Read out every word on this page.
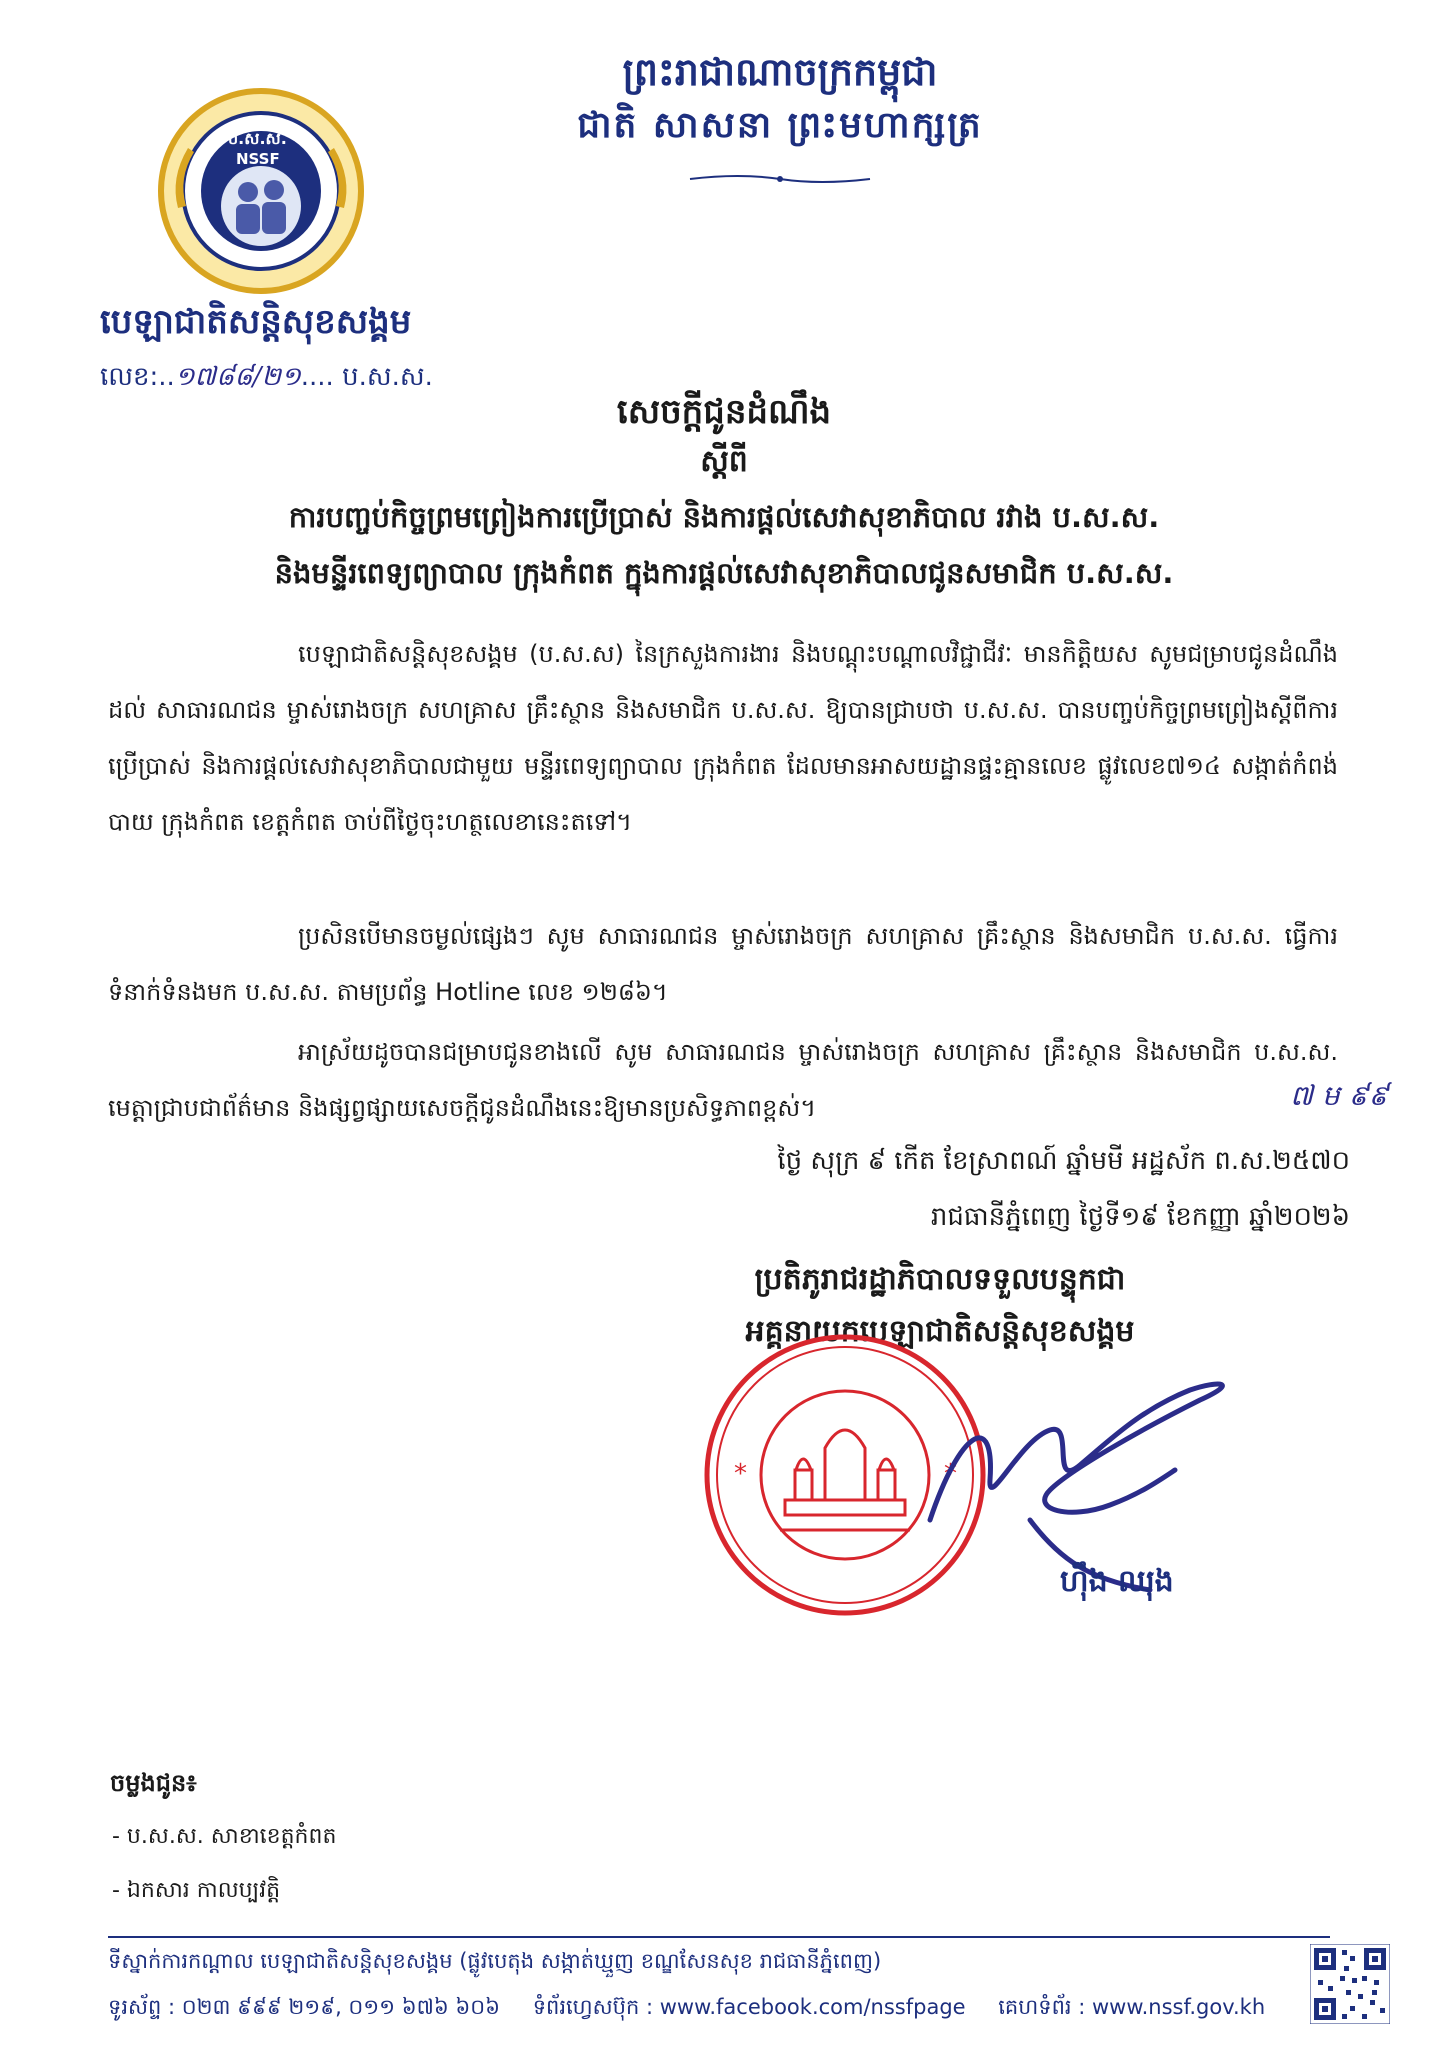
ព្រះរាជាណាចក្រកម្ពុជា
ជាតិ សាសនា ព្រះមហាក្សត្រ
ប.ស.ស.
NSSF
បេឡាជាតិសន្តិសុខសង្គម
លេខ:..១៧៨៨/២១.... ប.ស.ស.
សេចក្តីជូនដំណឹង
ស្តីពី
ការបញ្ចប់កិច្ចព្រមព្រៀងការប្រើប្រាស់ និងការផ្តល់សេវាសុខាភិបាល រវាង ប.ស.ស.
និងមន្ទីរពេទ្យព្យាបាល ក្រុងកំពត ក្នុងការផ្តល់សេវាសុខាភិបាលជូនសមាជិក ប.ស.ស.
បេឡាជាតិសន្តិសុខសង្គម (ប.ស.ស) នៃក្រសួងការងារ និងបណ្តុះបណ្តាលវិជ្ជាជីវៈ មានកិត្តិយស សូមជម្រាបជូនដំណឹងដល់ សាធារណជន ម្ចាស់រោងចក្រ សហគ្រាស គ្រឹះស្ថាន និងសមាជិក ប.ស.ស. ឱ្យបានជ្រាបថា ប.ស.ស. បានបញ្ចប់កិច្ចព្រមព្រៀងស្តីពីការប្រើប្រាស់ និងការផ្តល់សេវាសុខាភិបាលជាមួយ មន្ទីរពេទ្យព្យាបាល ក្រុងកំពត ដែលមានអាសយដ្ឋានផ្ទះគ្មានលេខ ផ្លូវលេខ៧១៤ សង្កាត់កំពង់បាយ ក្រុងកំពត ខេត្តកំពត ចាប់ពីថ្ងៃចុះហត្ថលេខានេះតទៅ។
ប្រសិនបើមានចម្ងល់ផ្សេងៗ សូម សាធារណជន ម្ចាស់រោងចក្រ សហគ្រាស គ្រឹះស្ថាន និងសមាជិក ប.ស.ស. ធ្វើការទំនាក់ទំនងមក ប.ស.ស. តាមប្រព័ន្ធ Hotline លេខ ១២៨៦។
អាស្រ័យដូចបានជម្រាបជូនខាងលើ សូម សាធារណជន ម្ចាស់រោងចក្រ សហគ្រាស គ្រឹះស្ថាន និងសមាជិក ប.ស.ស. មេត្តាជ្រាបជាព័ត៌មាន និងផ្សព្វផ្សាយសេចក្តីជូនដំណឹងនេះឱ្យមានប្រសិទ្ធភាពខ្ពស់។	៧ ម ៩៩
ថ្ងៃ សុក្រ ៩ កើត ខែស្រាពណ៍ ឆ្នាំមមី អដ្ឋស័ក ព.ស.២៥៧០
រាជធានីភ្នំពេញ ថ្ងៃទី១៩ ខែកញ្ញា ឆ្នាំ២០២៦
ប្រតិភូរាជរដ្ឋាភិបាលទទួលបន្ទុកជា
អគ្គនាយកបេឡាជាតិសន្តិសុខសង្គម
*	*
ហ៊ឹង ឈុង
ចម្លងជូន៖
- ប.ស.ស. សាខាខេត្តកំពត
- ឯកសារ កាលប្បវត្តិ
ទីស្នាក់ការកណ្តាល បេឡាជាតិសន្តិសុខសង្គម (ផ្លូវបេតុង សង្កាត់ឃ្មួញ ខណ្ឌសែនសុខ រាជធានីភ្នំពេញ)
ទូរស័ព្ទ : ០២៣ ៩៩៩ ២១៩, ០១១ ៦៧៦ ៦០៦ ទំព័រហ្វេសប៊ុក : www.facebook.com/nssfpage គេហទំព័រ : www.nssf.gov.kh
